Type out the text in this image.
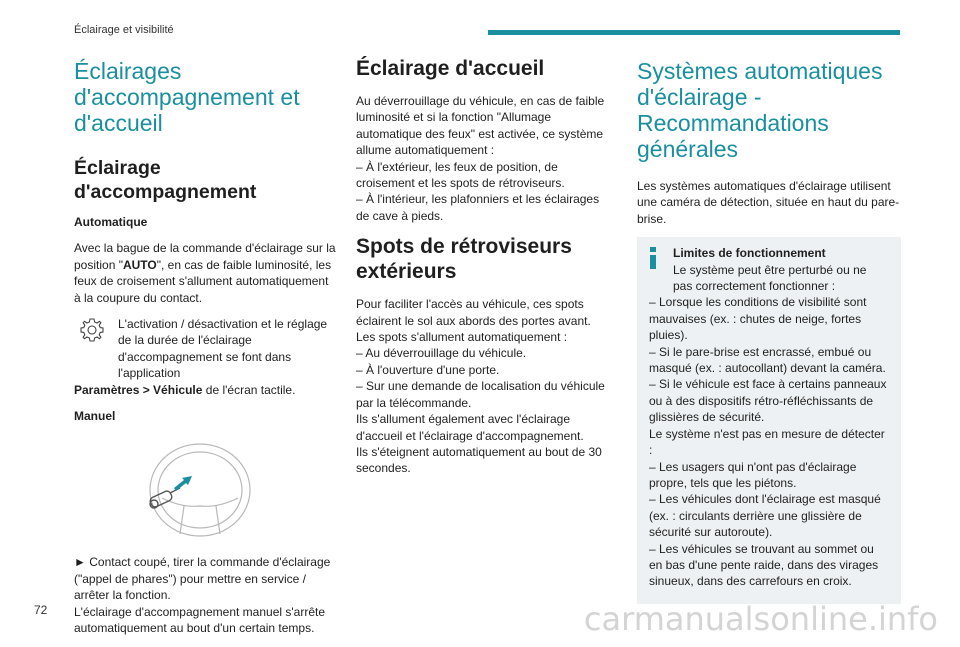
Éclairage et visibilité
Éclairages d'accompagnement et d'accueil
Éclairage d'accompagnement
Automatique

Avec la bague de la commande d'éclairage sur la position "AUTO", en cas de faible luminosité, les feux de croisement s'allument automatiquement à la coupure du contact.

L'activation / désactivation et le réglage de la durée de l'éclairage d'accompagnement se font dans l'application

Paramètres > Véhicule de l'écran tactile.

Manuel

► Contact coupé, tirer la commande d'éclairage ("appel de phares") pour mettre en service / arrêter la fonction.
L'éclairage d'accompagnement manuel s'arrête automatiquement au bout d'un certain temps.

Éclairage d'accueil

Au déverrouillage du véhicule, en cas de faible luminosité et si la fonction "Allumage automatique des feux" est activée, ce système allume automatiquement :
– À l'extérieur, les feux de position, de croisement et les spots de rétroviseurs.
– À l'intérieur, les plafonniers et les éclairages de cave à pieds.

Spots de rétroviseurs extérieurs

Pour faciliter l'accès au véhicule, ces spots éclairent le sol aux abords des portes avant.
Les spots s'allument automatiquement :
– Au déverrouillage du véhicule.
– À l'ouverture d'une porte.
– Sur une demande de localisation du véhicule par la télécommande.
Ils s'allument également avec l'éclairage d'accueil et l'éclairage d'accompagnement.
Ils s'éteignent automatiquement au bout de 30 secondes.

Systèmes automatiques d'éclairage - Recommandations générales

Les systèmes automatiques d'éclairage utilisent une caméra de détection, située en haut du pare-brise.

Limites de fonctionnement
Le système peut être perturbé ou ne pas correctement fonctionner :
– Lorsque les conditions de visibilité sont mauvaises (ex. : chutes de neige, fortes pluies).
– Si le pare-brise est encrassé, embué ou masqué (ex. : autocollant) devant la caméra.
– Si le véhicule est face à certains panneaux ou à des dispositifs rétro-réfléchissants de glissières de sécurité.
Le système n'est pas en mesure de détecter :
– Les usagers qui n'ont pas d'éclairage propre, tels que les piétons.
– Les véhicules dont l'éclairage est masqué (ex. : circulants derrière une glissière de sécurité sur autoroute).
– Les véhicules se trouvant au sommet ou en bas d'une pente raide, dans des virages sinueux, dans des carrefours en croix.
72	carmanualsonline.info
